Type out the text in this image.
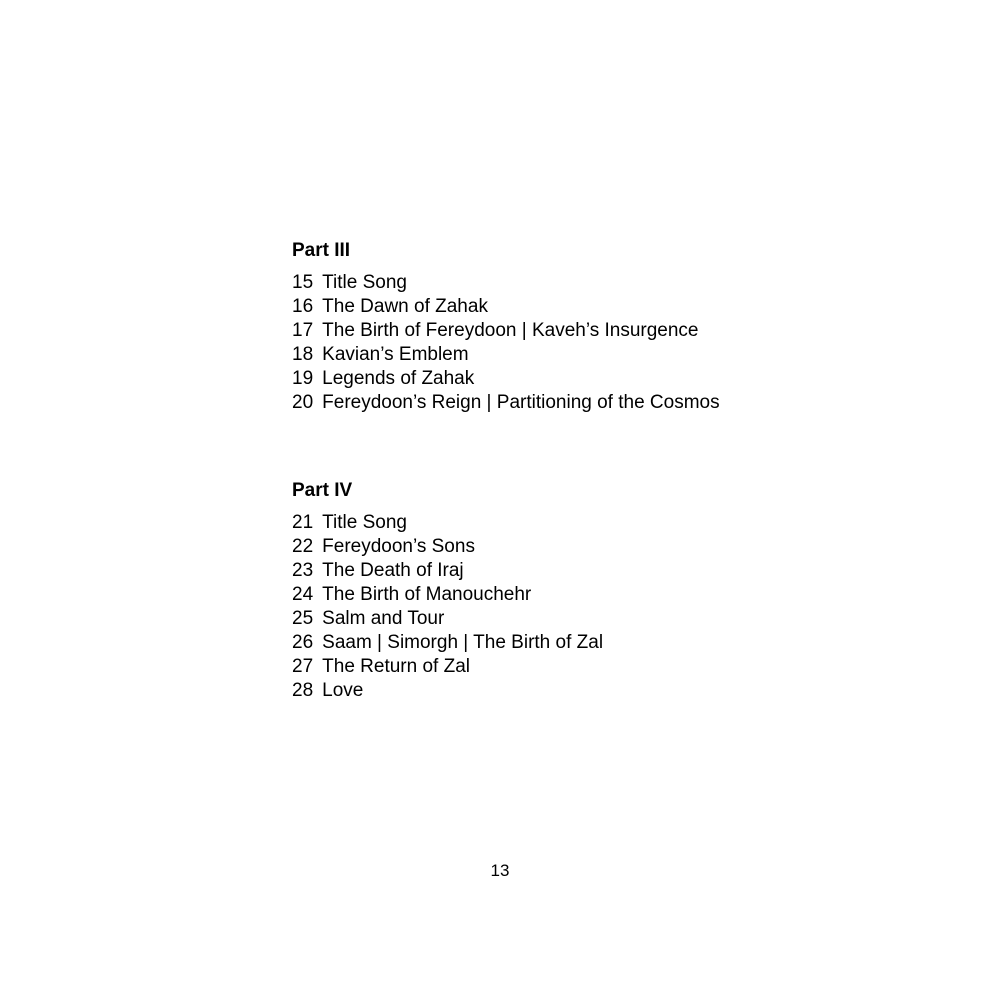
Part III
15 Title Song
16 The Dawn of Zahak
17 The Birth of Fereydoon | Kaveh’s Insurgence
18 Kavian’s Emblem
19 Legends of Zahak
20 Fereydoon’s Reign | Partitioning of the Cosmos
Part IV
21 Title Song
22 Fereydoon’s Sons
23 The Death of Iraj
24 The Birth of Manouchehr
25 Salm and Tour
26 Saam | Simorgh | The Birth of Zal
27 The Return of Zal
28 Love
13
